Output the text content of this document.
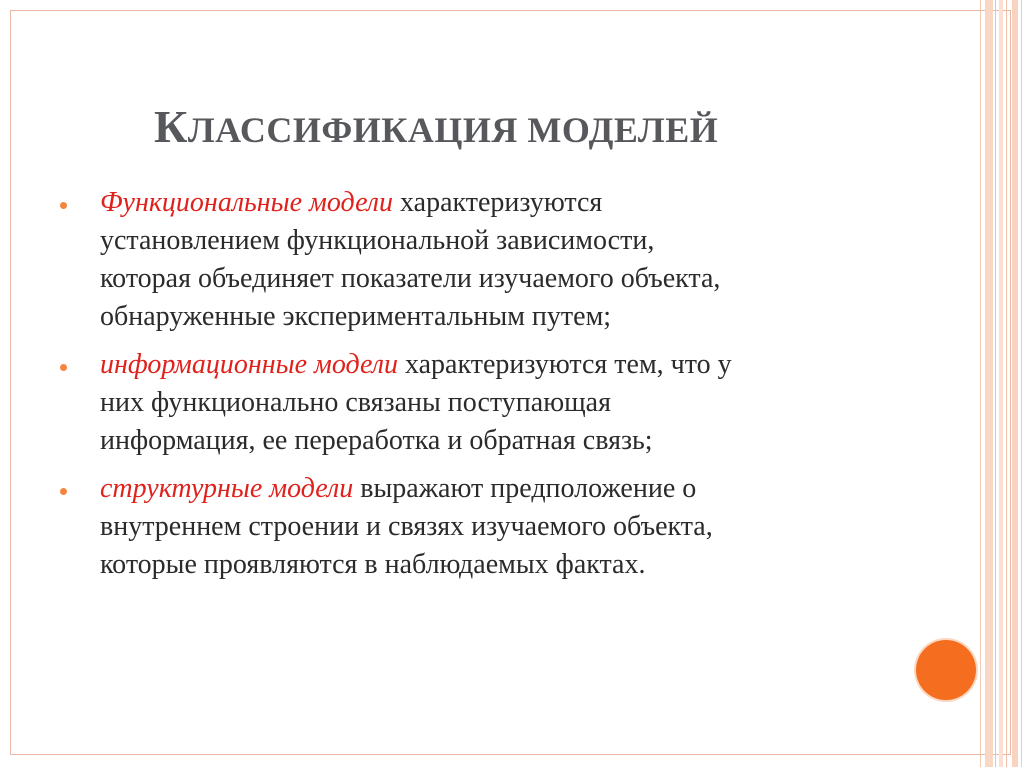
КЛАССИФИКАЦИЯ МОДЕЛЕЙ
Функциональные модели характеризуются
установлением функциональной зависимости,
которая объединяет показатели изучаемого объекта,
обнаруженные экспериментальным путем;
информационные модели характеризуются тем, что у
них функционально связаны поступающая
информация, ее переработка и обратная связь;
структурные модели выражают предположение о
внутреннем строении и связях изучаемого объекта,
которые проявляются в наблюдаемых фактах.
